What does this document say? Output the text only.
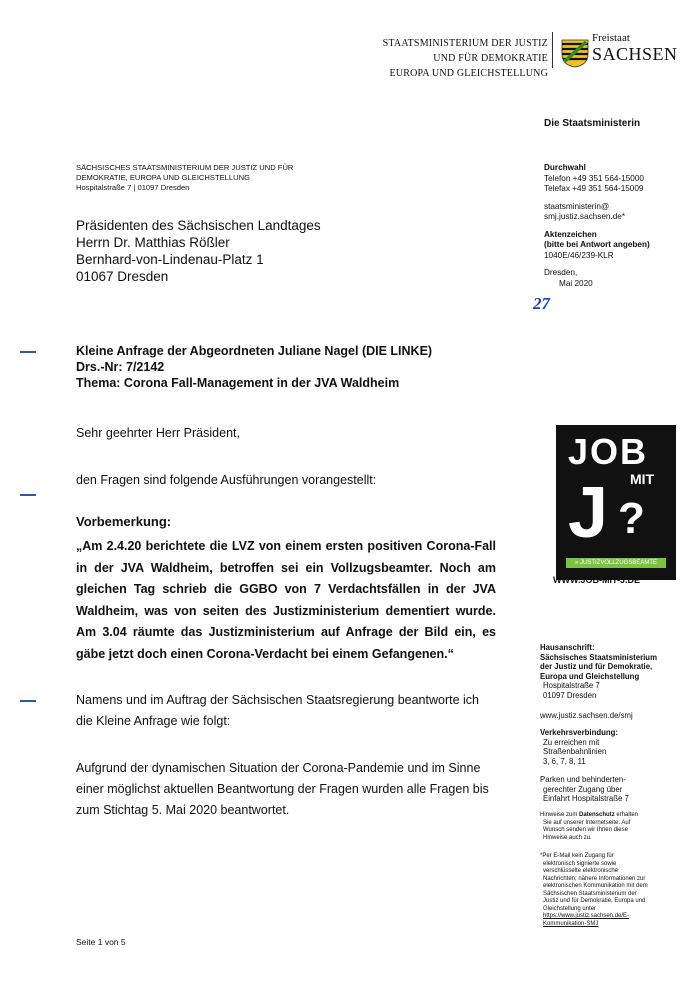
STAATSMINISTERIUM DER JUSTIZ
UND FÜR DEMOKRATIE
EUROPA UND GLEICHSTELLUNG
Freistaat
SACHSEN
Die Staatsministerin
SÄCHSISCHES STAATSMINISTERIUM DER JUSTIZ UND FÜR
DEMOKRATIE, EUROPA UND GLEICHSTELLUNG
Hospitalstraße 7 | 01097 Dresden
Präsidenten des Sächsischen Landtages
Herrn Dr. Matthias Rößler
Bernhard-von-Lindenau-Platz 1
01067 Dresden
Durchwahl
Telefon +49 351 564-15000
Telefax +49 351 564-15009
staatsministerin@
smj.justiz.sachsen.de*
Aktenzeichen
(bitte bei Antwort angeben)
1040E/46/239-KLR
Dresden,
Mai 2020
27
Kleine Anfrage der Abgeordneten Juliane Nagel (DIE LINKE)
Drs.-Nr: 7/2142
Thema: Corona Fall-Management in der JVA Waldheim
Sehr geehrter Herr Präsident,
den Fragen sind folgende Ausführungen vorangestellt:
Vorbemerkung:
„Am 2.4.20 berichtete die LVZ von einem ersten positiven Corona-Fall in der JVA Waldheim, betroffen sei ein Vollzugsbeamter. Noch am gleichen Tag schrieb die GGBO von 7 Verdachtsfällen in der JVA Waldheim, was von seiten des Justizministerium dementiert wurde. Am 3.04 räumte das Justizministerium auf Anfrage der Bild ein, es gäbe jetzt doch einen Corona-Verdacht bei einem Gefangenen.“
Namens und im Auftrag der Sächsischen Staatsregierung beantworte ich die Kleine Anfrage wie folgt:
Aufgrund der dynamischen Situation der Corona-Pandemie und im Sinne einer möglichst aktuellen Beantwortung der Fragen wurden alle Fragen bis zum Stichtag 5. Mai 2020 beantwortet.
JOB
MIT
J ?
» JUSTIZVOLLZUGSBEAMTE
WWW.JOB-MIT-J.DE
Hausanschrift:
Sächsisches Staatsministerium
der Justiz und für Demokratie,
Europa und Gleichstellung
Hospitalstraße 7
01097 Dresden
www.justiz.sachsen.de/smj
Verkehrsverbindung:
Zu erreichen mit
Straßenbahnlinien
3, 6, 7, 8, 11
Parken und behinderten-
gerechter Zugang über
Einfahrt Hospitalstraße 7
Hinweise zum Datenschutz erhalten
Sie auf unserer Internetseite. Auf
Wunsch senden wir Ihnen diese
Hinweise auch zu.
*Per E-Mail kein Zugang für
elektronisch signierte sowie
verschlüsselte elektronische
Nachrichten; nähere Informationen zur
elektronischen Kommunikation mit dem
Sächsischen Staatsministerium der
Justiz und für Demokratie, Europa und
Gleichstellung unter
https://www.justiz.sachsen.de/E-
Kommunikation-SMJ
Seite 1 von 5
